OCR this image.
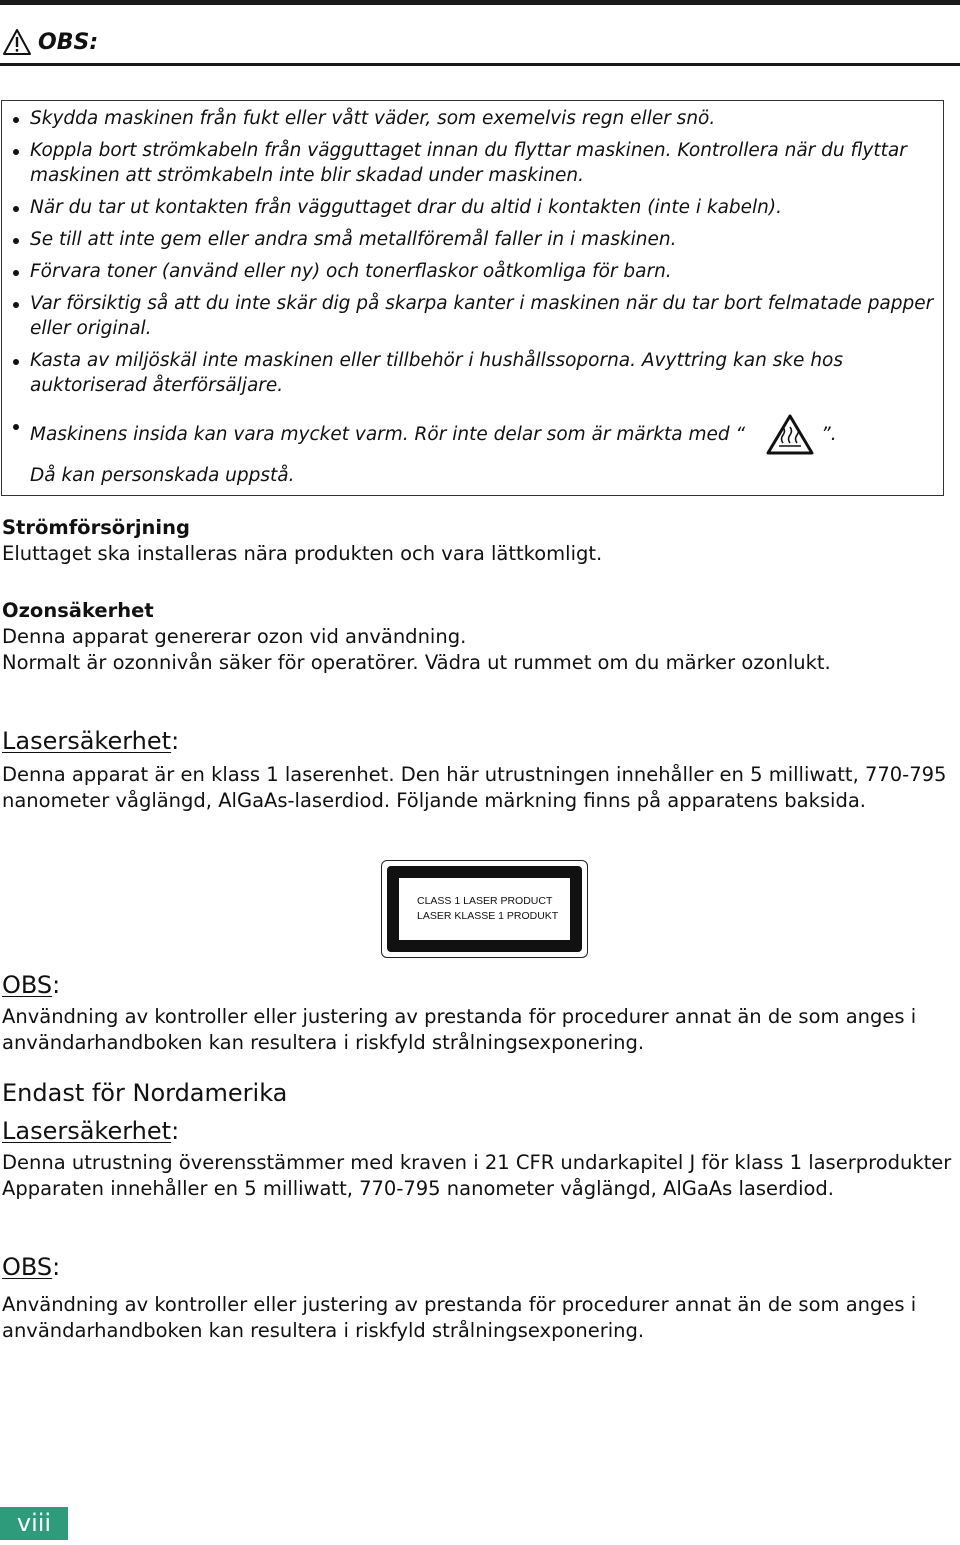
OBS:
Skydda maskinen från fukt eller vått väder, som exemelvis regn eller snö.
Koppla bort strömkabeln från vägguttaget innan du flyttar maskinen. Kontrollera när du flyttar maskinen att strömkabeln inte blir skadad under maskinen.
När du tar ut kontakten från vägguttaget drar du altid i kontakten (inte i kabeln).
Se till att inte gem eller andra små metallföremål faller in i maskinen.
Förvara toner (använd eller ny) och tonerflaskor oåtkomliga för barn.
Var försiktig så att du inte skär dig på skarpa kanter i maskinen när du tar bort felmatade papper eller original.
Kasta av miljöskäl inte maskinen eller tillbehör i hushållssoporna. Avyttring kan ske hos auktoriserad återförsäljare.
Maskinens insida kan vara mycket varm. Rör inte delar som är märkta med “	”.
Då kan personskada uppstå.
Strömförsörjning
Eluttaget ska installeras nära produkten och vara lättkomligt.
Ozonsäkerhet
Denna apparat genererar ozon vid användning.
Normalt är ozonnivån säker för operatörer. Vädra ut rummet om du märker ozonlukt.
Lasersäkerhet:
Denna apparat är en klass 1 laserenhet. Den här utrustningen innehåller en 5 milliwatt, 770-795 nanometer våglängd, AlGaAs-laserdiod. Följande märkning finns på apparatens baksida.
CLASS 1 LASER PRODUCT
LASER KLASSE 1 PRODUKT
OBS:
Användning av kontroller eller justering av prestanda för procedurer annat än de som anges i användarhandboken kan resultera i riskfyld strålningsexponering.
Endast för Nordamerika
Lasersäkerhet:
Denna utrustning överensstämmer med kraven i 21 CFR undarkapitel J för klass 1 laserprodukter Apparaten innehåller en 5 milliwatt, 770-795 nanometer våglängd, AlGaAs laserdiod.
OBS:
Användning av kontroller eller justering av prestanda för procedurer annat än de som anges i användarhandboken kan resultera i riskfyld strålningsexponering.
viii
